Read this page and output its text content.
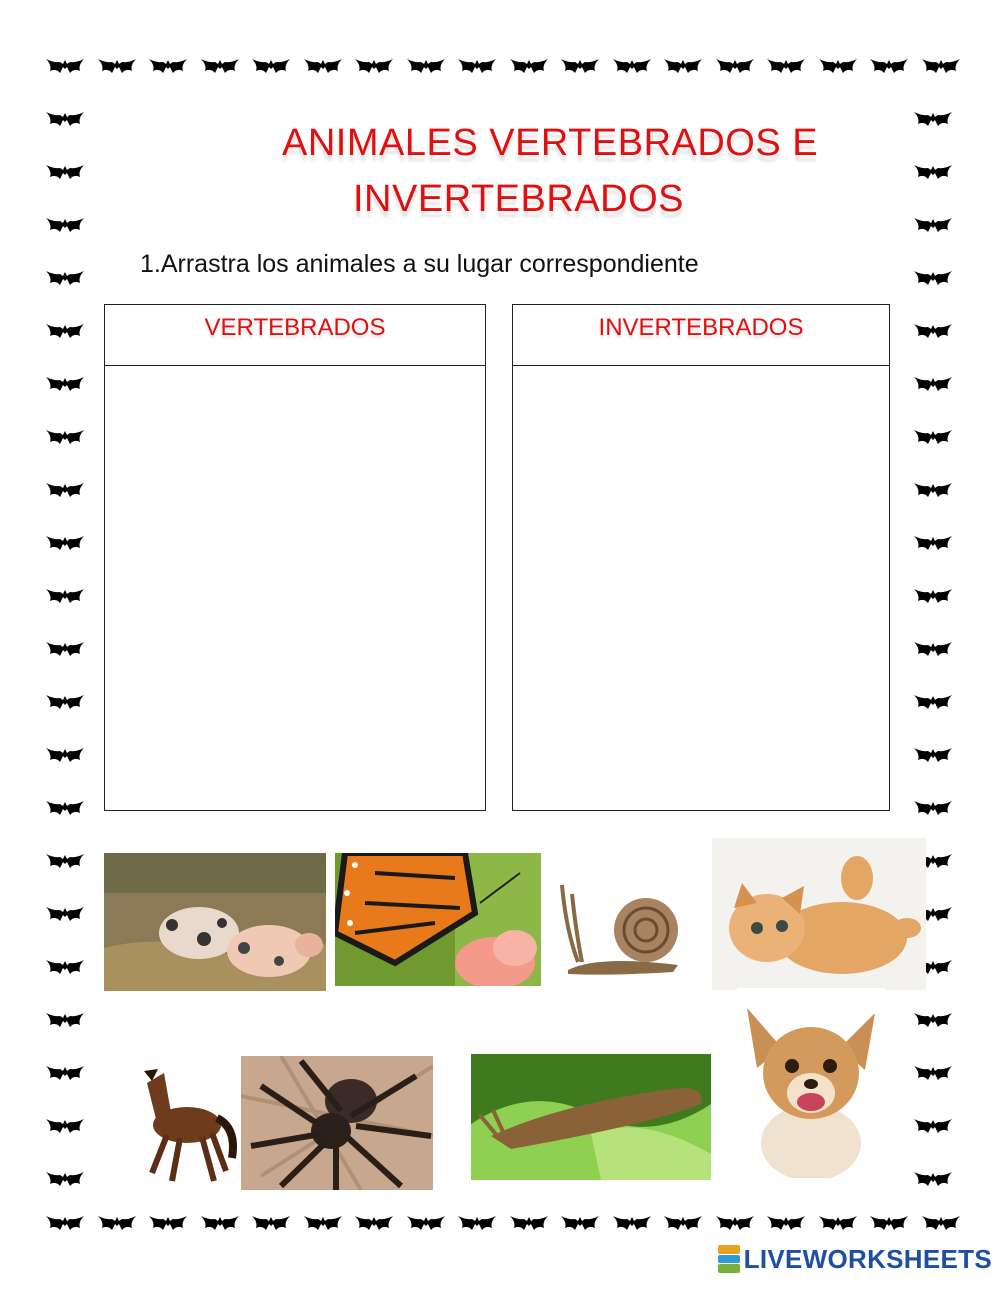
ANIMALES VERTEBRADOS E
INVERTEBRADOS
1.Arrastra los animales a su lugar correspondiente
VERTEBRADOS	INVERTEBRADOS
LIVEWORKSHEETS
